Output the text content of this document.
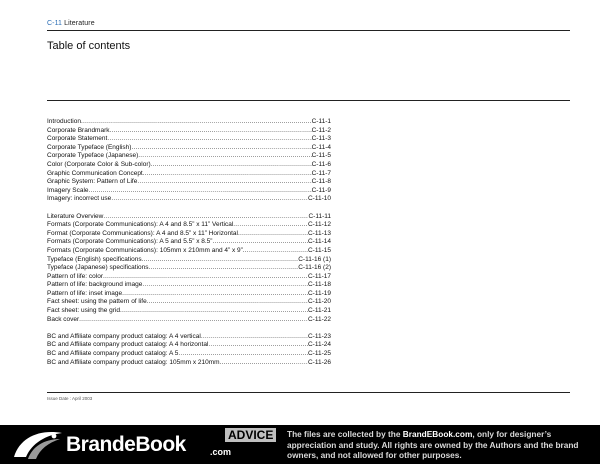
C-11 Literature
Table of contents
Introduction .....	C-11-1
Corporate Brandmark .....	C-11-2
Corporate Statement .....	C-11-3
Corporate Typeface (English) .....	C-11-4
Corporate Typeface (Japanese) .....	C-11-5
Color (Corporate Color & Sub-color) .....	C-11-6
Graphic Communication Concept .....	C-11-7
Graphic System: Pattern of Life .....	C-11-8
Imagery Scale .....	C-11-9
Imagery: incorrect use .....	C-11-10
Literature Overview .....	C-11-11
Formats (Corporate Communications): A 4 and 8.5” x 11” Vertical .....	C-11-12
Format (Corporate Communications): A 4 and 8.5” x 11” Horizontal .....	C-11-13
Formats (Corporate Communications): A 5 and 5.5” x 8.5” .....	C-11-14
Formats (Corporate Communications): 105mm x 210mm and 4” x 9” .....	C-11-15
Typeface (English) specifications .....	C-11-16 (1)
Typeface (Japanese) specifications .....	C-11-16 (2)
Pattern of life: color .....	C-11-17
Pattern of life: background image .....	C-11-18
Pattern of life: inset image .....	C-11-19
Fact sheet: using the pattern of life .....	C-11-20
Fact sheet: using the grid .....	C-11-21
Back cover .....	C-11-22
BC and Affiliate company product catalog: A 4 vertical .....	C-11-23
BC and Affiliate company product catalog: A 4 horizontal .....	C-11-24
BC and Affiliate company product catalog: A 5 .....	C-11-25
BC and Affiliate company product catalog: 105mm x 210mm .....	C-11-26
Issue Date : April 2003
BrandeBook	.com
ADVICE	The files are collected by the BrandEBook.com, only for designer’s appreciation and study. All rights are owned by the Authors and the brand owners, and not allowed for other purposes.
